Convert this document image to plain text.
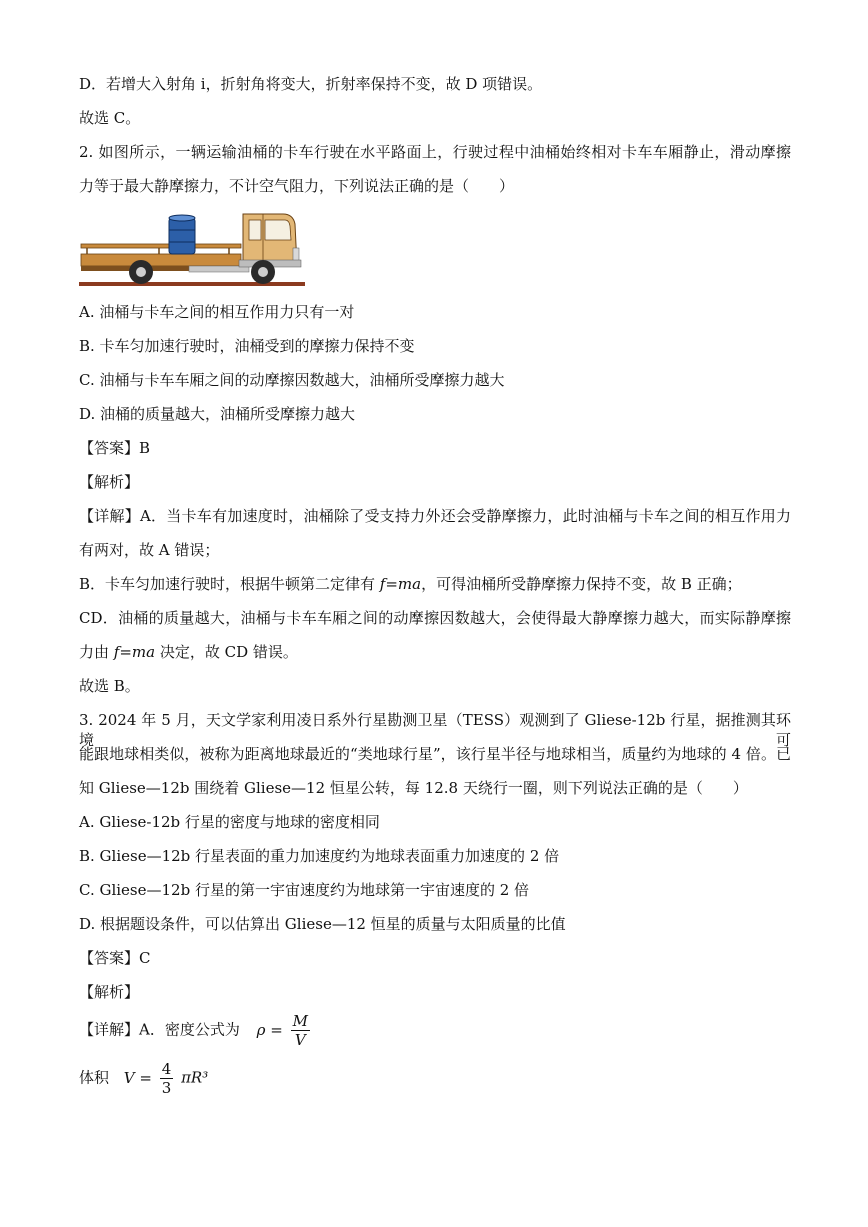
D．若增大入射角 i，折射角将变大，折射率保持不变，故 D 项错误。
故选 C。
2. 如图所示，一辆运输油桶的卡车行驶在水平路面上，行驶过程中油桶始终相对卡车车厢静止，滑动摩擦
力等于最大静摩擦力，不计空气阻力，下列说法正确的是（　　）
A. 油桶与卡车之间的相互作用力只有一对
B. 卡车匀加速行驶时，油桶受到的摩擦力保持不变
C. 油桶与卡车车厢之间的动摩擦因数越大，油桶所受摩擦力越大
D. 油桶的质量越大，油桶所受摩擦力越大
【答案】B
【解析】
【详解】A．当卡车有加速度时，油桶除了受支持力外还会受静摩擦力，此时油桶与卡车之间的相互作用力
有两对，故 A 错误；
B．卡车匀加速行驶时，根据牛顿第二定律有 f=ma，可得油桶所受静摩擦力保持不变，故 B 正确；
CD．油桶的质量越大，油桶与卡车车厢之间的动摩擦因数越大，会使得最大静摩擦力越大，而实际静摩擦
力由 f=ma 决定，故 CD 错误。
故选 B。
3. 2024 年 5 月，天文学家利用凌日系外行星勘测卫星（TESS）观测到了 Gliese-12b 行星，据推测其环境可
能跟地球相类似，被称为距离地球最近的“类地球行星”，该行星半径与地球相当，质量约为地球的 4 倍。已
知 Gliese—12b 围绕着 Gliese—12 恒星公转，每 12.8 天绕行一圈，则下列说法正确的是（　　）
A. Gliese-12b 行星的密度与地球的密度相同
B. Gliese—12b 行星表面的重力加速度约为地球表面重力加速度的 2 倍
C. Gliese—12b 行星的第一宇宙速度约为地球第一宇宙速度的 2 倍
D. 根据题设条件，可以估算出 Gliese—12 恒星的质量与太阳质量的比值
【答案】C
【解析】
【详解】A．密度公式为 $\rho = \frac{M}{V}$
体积 $V = \frac{4}{3} \pi R^3$
